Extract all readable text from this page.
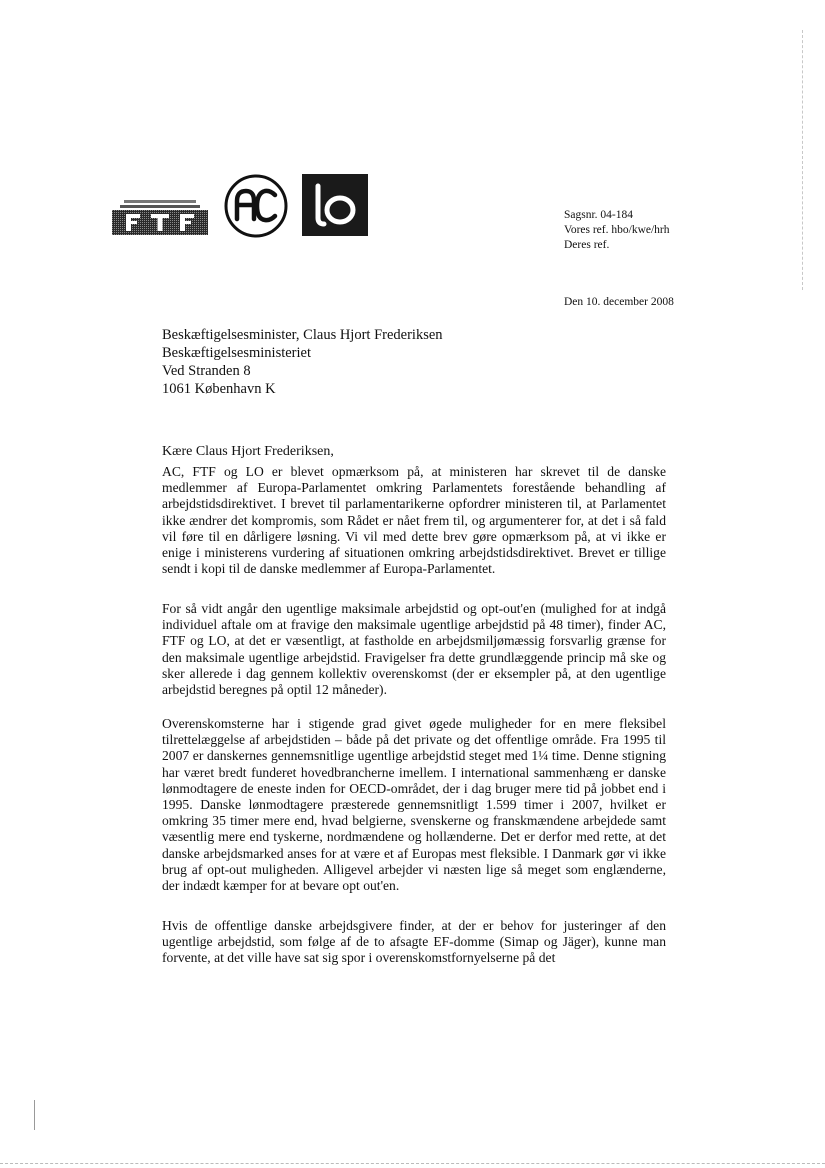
Sagsnr. 04-184
Vores ref. hbo/kwe/hrh
Deres ref.
Den 10. december 2008
Beskæftigelsesminister, Claus Hjort Frederiksen
Beskæftigelsesministeriet
Ved Stranden 8
1061 København K
Kære Claus Hjort Frederiksen,

AC, FTF og LO er blevet opmærksom på, at ministeren har skrevet til de danske medlemmer af Europa-Parlamentet omkring Parlamentets forestående behandling af arbejdstidsdirektivet. I brevet til parlamentarikerne opfordrer ministeren til, at Parlamentet ikke ændrer det kompromis, som Rådet er nået frem til, og argumenterer for, at det i så fald vil føre til en dårligere løsning. Vi vil med dette brev gøre opmærksom på, at vi ikke er enige i ministerens vurdering af situationen omkring arbejdstidsdirektivet. Brevet er tillige sendt i kopi til de danske medlemmer af Europa-Parlamentet.

For så vidt angår den ugentlige maksimale arbejdstid og opt-out'en (mulighed for at indgå individuel aftale om at fravige den maksimale ugentlige arbejdstid på 48 timer), finder AC, FTF og LO, at det er væsentligt, at fastholde en arbejdsmiljømæssig forsvarlig grænse for den maksimale ugentlige arbejdstid. Fravigelser fra dette grundlæggende princip må ske og sker allerede i dag gennem kollektiv overenskomst (der er eksempler på, at den ugentlige arbejdstid beregnes på optil 12 måneder).

Overenskomsterne har i stigende grad givet øgede muligheder for en mere fleksibel tilrettelæggelse af arbejdstiden – både på det private og det offentlige område. Fra 1995 til 2007 er danskernes gennemsnitlige ugentlige arbejdstid steget med 1¼ time. Denne stigning har været bredt funderet hovedbrancherne imellem. I international sammenhæng er danske lønmodtagere de eneste inden for OECD-området, der i dag bruger mere tid på jobbet end i 1995. Danske lønmodtagere præsterede gennemsnitligt 1.599 timer i 2007, hvilket er omkring 35 timer mere end, hvad belgierne, svenskerne og franskmændene arbejdede samt væsentlig mere end tyskerne, nordmændene og hollænderne. Det er derfor med rette, at det danske arbejdsmarked anses for at være et af Europas mest fleksible. I Danmark gør vi ikke brug af opt-out muligheden. Alligevel arbejder vi næsten lige så meget som englænderne, der indædt kæmper for at bevare opt out'en.

Hvis de offentlige danske arbejdsgivere finder, at der er behov for justeringer af den ugentlige arbejdstid, som følge af de to afsagte EF-domme (Simap og Jäger), kunne man forvente, at det ville have sat sig spor i overenskomstfornyelserne på det
